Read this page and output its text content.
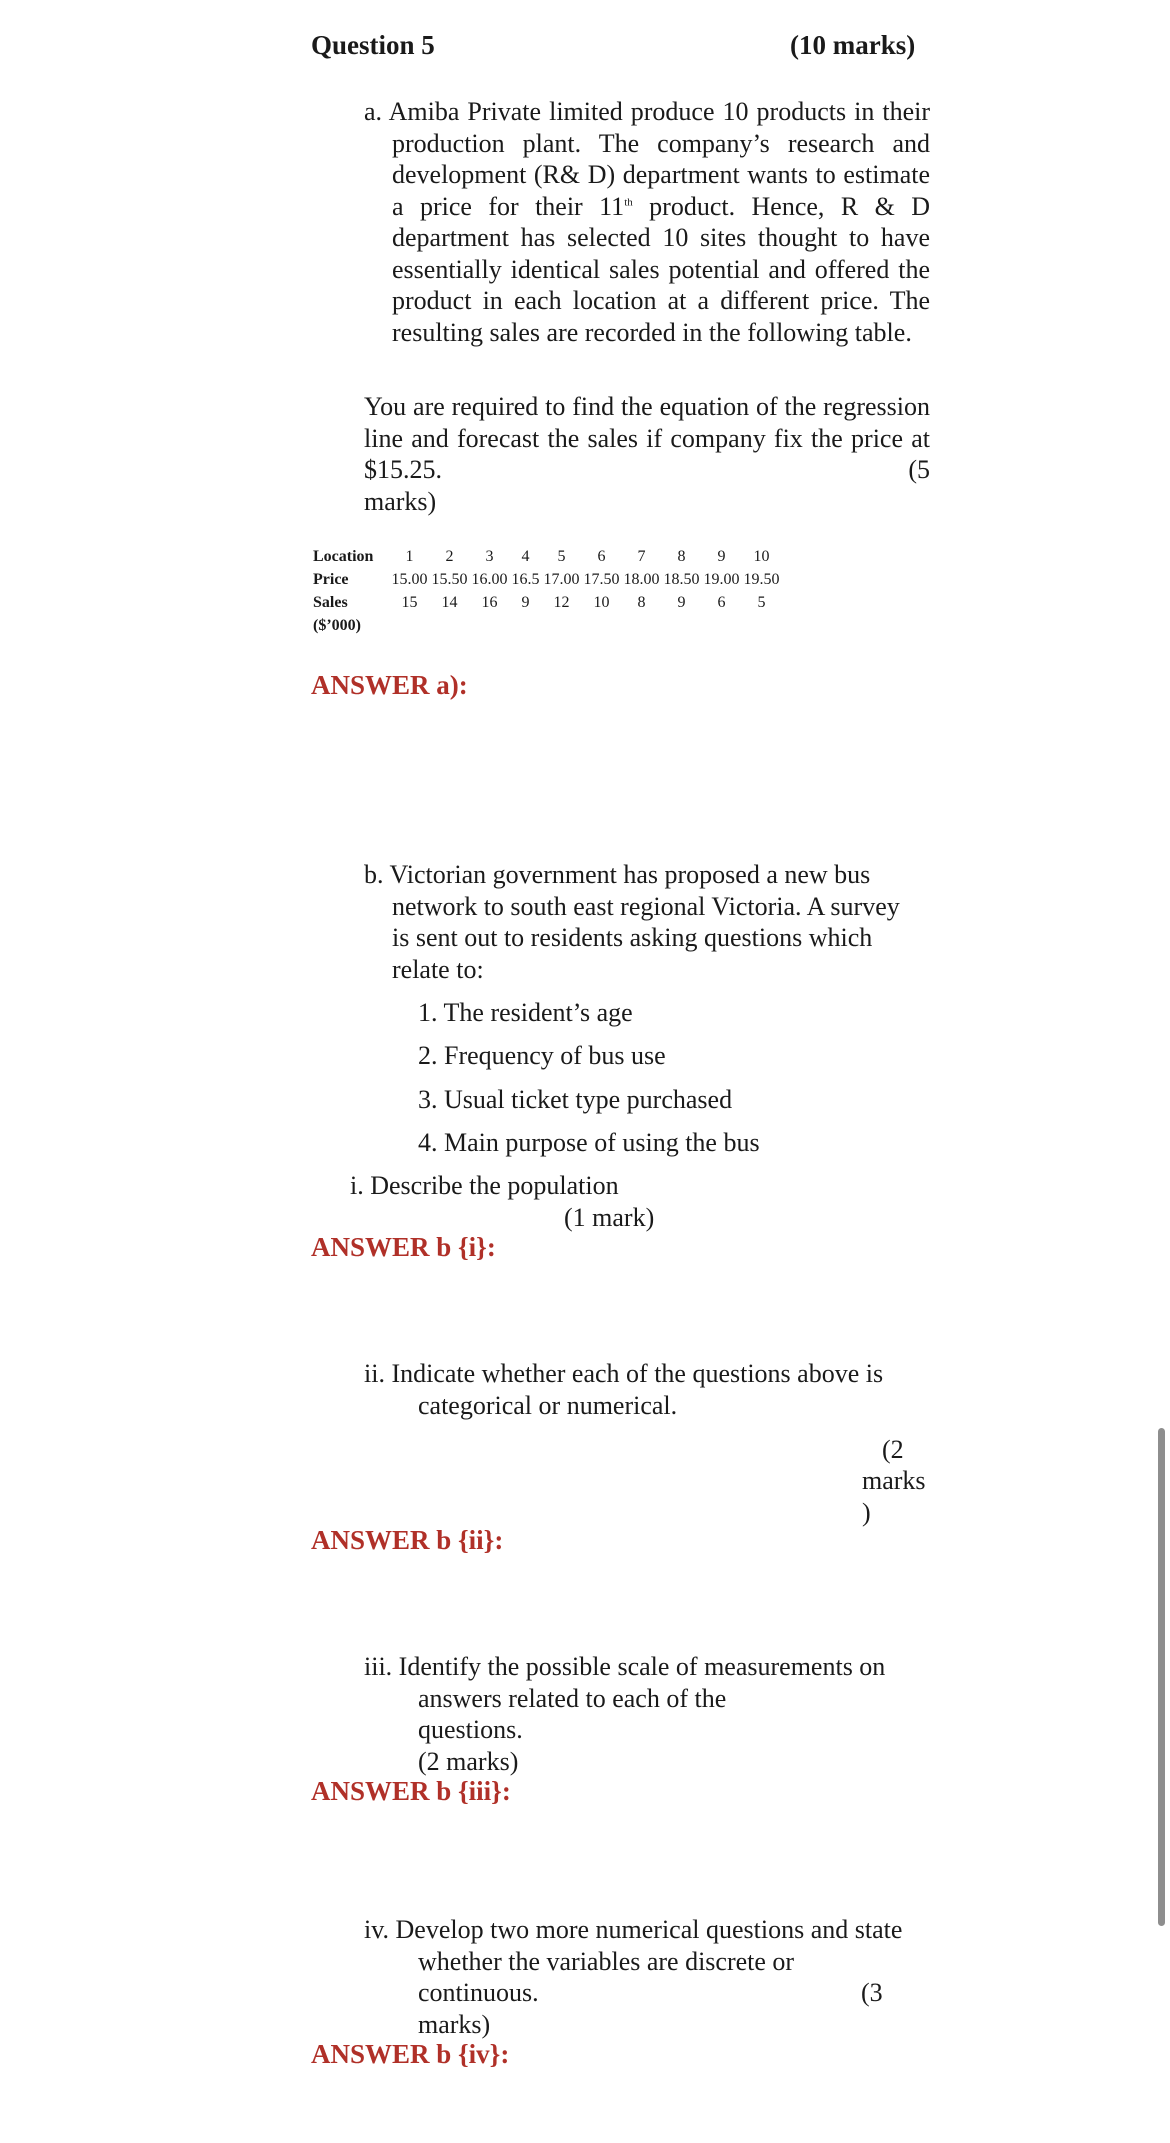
Question 5	(10 marks)
a. Amiba Private limited produce 10 products in their production plant. The company’s research and development (R& D) department wants to estimate a price for their 11th product. Hence, R & D department has selected 10 sites thought to have essentially identical sales potential and offered the product in each location at a different price. The resulting sales are recorded in the following table.
You are required to find the equation of the regression line and forecast the sales if company fix the price at $15.25.	(5

marks)
Location	1	2	3	4	5	6	7	8	9	10
Price	15.00	15.50	16.00	16.5	17.00	17.50	18.00	18.50	19.00	19.50
Sales	15	14	16	9	12	10	8	9	6	5
($’000)										
ANSWER a):
b. Victorian government has proposed a new bus
network to south east regional Victoria. A survey
is sent out to residents asking questions which
relate to:
1. The resident’s age
2. Frequency of bus use
3. Usual ticket type purchased
4. Main purpose of using the bus
i. Describe the population
(1 mark)
ANSWER b {i}:
ii. Indicate whether each of the questions above is
categorical or numerical.
(2
marks
)
ANSWER b {ii}:
iii. Identify the possible scale of measurements on
answers related to each of the
questions.
(2 marks)
ANSWER b {iii}:
iv. Develop two more numerical questions and state
whether the variables are discrete or
continuous.	(3
marks)
ANSWER b {iv}:
